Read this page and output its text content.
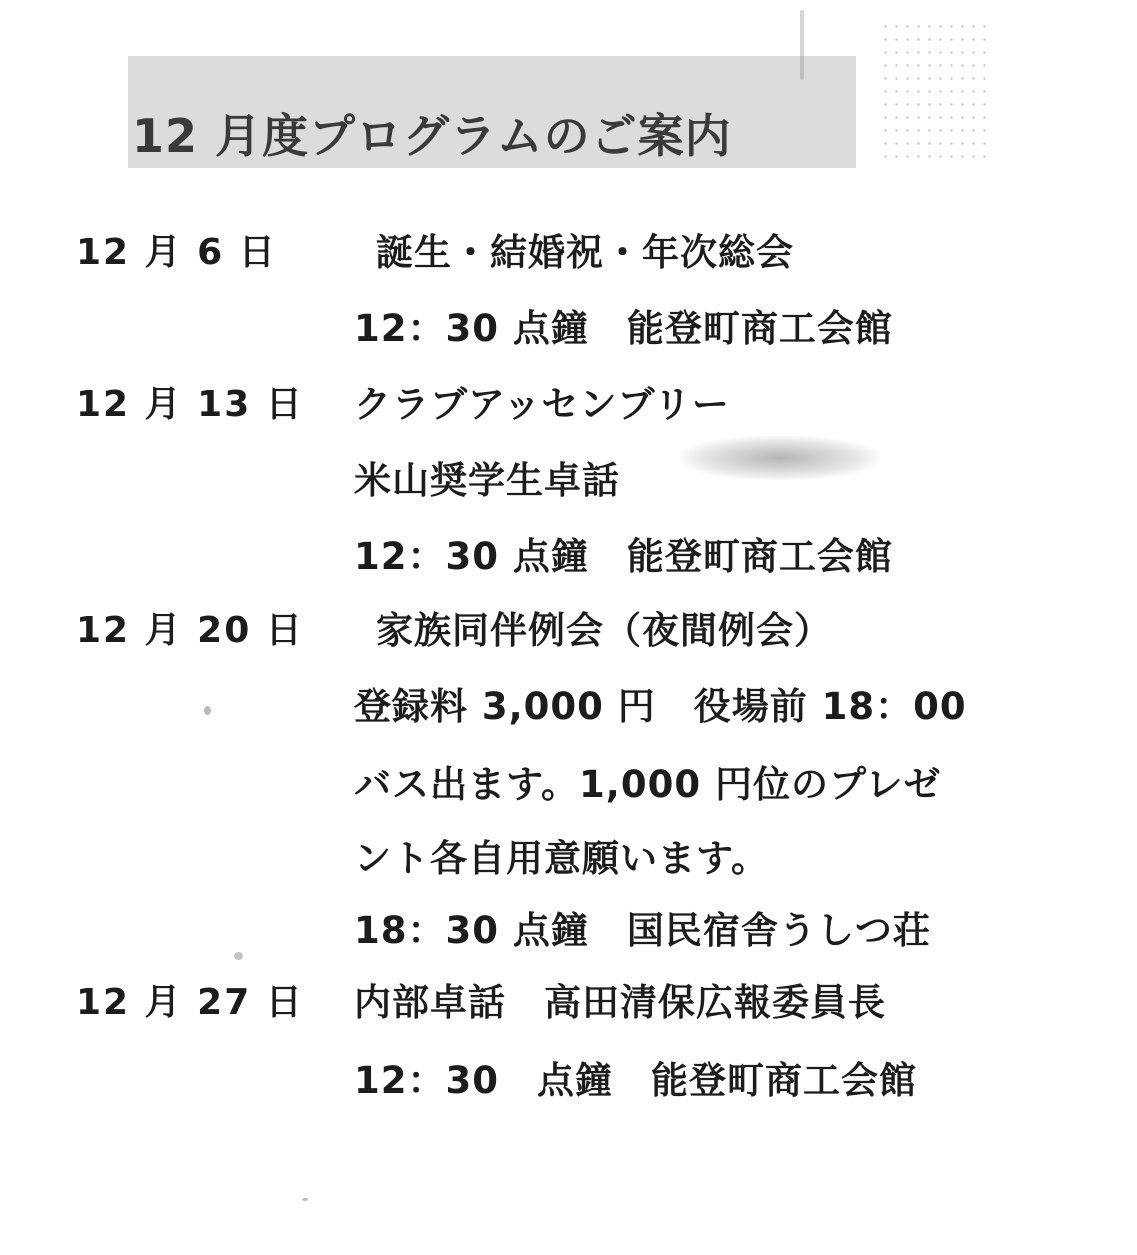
12 月度プログラムのご案内
12 月 6 日	誕生・結婚祝・年次総会
12：30 点鐘　能登町商工会館
12 月 13 日 クラブアッセンブリー
米山奨学生卓話
12：30 点鐘　能登町商工会館
12 月 20 日 家族同伴例会（夜間例会）
登録料 3,000 円　役場前 18：00
バス出ます。1,000 円位のプレゼ
ント各自用意願います。
18：30 点鐘　国民宿舎うしつ荘
12 月 27 日 内部卓話　高田清保広報委員長
12：30　点鐘　能登町商工会館
